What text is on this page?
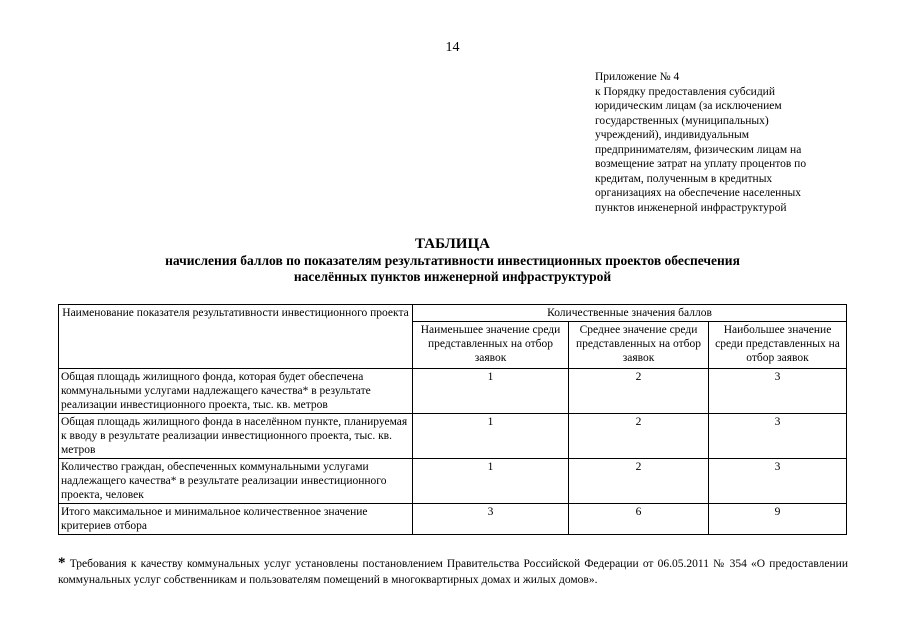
14
Приложение № 4
к Порядку предоставления субсидий
юридическим лицам (за исключением
государственных (муниципальных)
учреждений), индивидуальным
предпринимателям, физическим лицам на
возмещение затрат на уплату процентов по
кредитам, полученным в кредитных
организациях на обеспечение населенных
пунктов инженерной инфраструктурой
ТАБЛИЦА
начисления баллов по показателям результативности инвестиционных проектов обеспечения
населённых пунктов инженерной инфраструктурой
Наименование показателя результативности инвестиционного проекта	Количественные значения баллов		
	Наименьшее значение среди представленных на отбор заявок	Среднее значение среди представленных на отбор заявок	Наибольшее значение среди представленных на отбор заявок
Общая площадь жилищного фонда, которая будет обеспечена коммунальными услугами надлежащего качества* в результате реализации инвестиционного проекта, тыс. кв. метров	1	2	3
Общая площадь жилищного фонда в населённом пункте, планируемая к вводу в результате реализации инвестиционного проекта, тыс. кв. метров	1	2	3
Количество граждан, обеспеченных коммунальными услугами надлежащего качества* в результате реализации инвестиционного проекта, человек	1	2	3
Итого максимальное и минимальное количественное значение критериев отбора	3	6	9
* Требования к качеству коммунальных услуг установлены постановлением Правительства Российской Федерации от 06.05.2011 № 354 «О предоставлении коммунальных услуг собственникам и пользователям помещений в многоквартирных домах и жилых домов».
